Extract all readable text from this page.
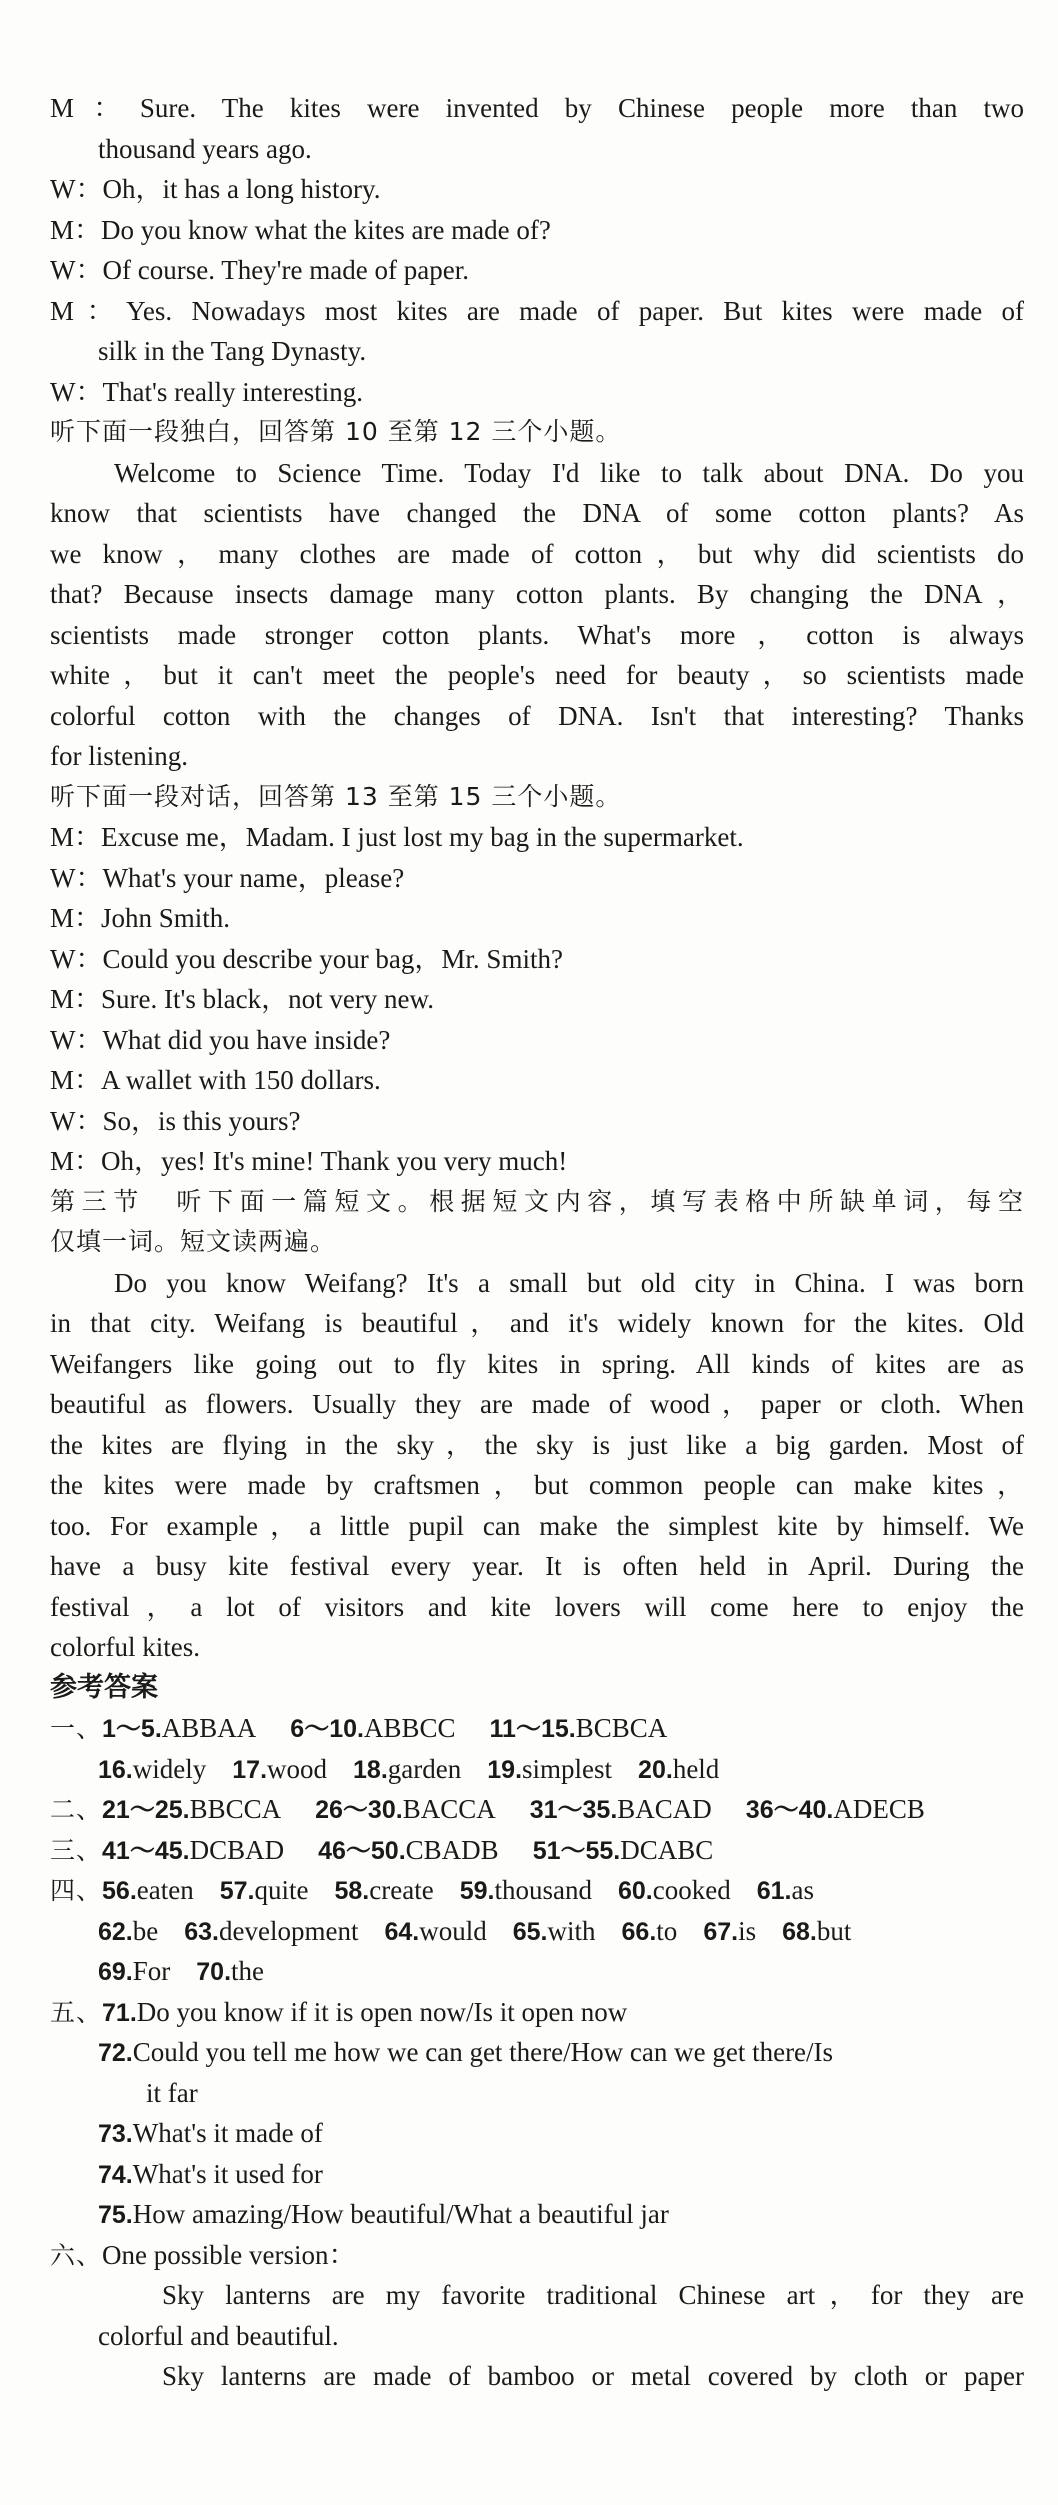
M：Sure. The kites were invented by Chinese people more than two
thousand years ago.
W：Oh，it has a long history.
M：Do you know what the kites are made of?
W：Of course. They're made of paper.
M：Yes. Nowadays most kites are made of paper. But kites were made of
silk in the Tang Dynasty.
W：That's really interesting.
听下面一段独白，回答第 10 至第 12 三个小题。
Welcome to Science Time. Today I'd like to talk about DNA. Do you
know that scientists have changed the DNA of some cotton plants? As
we know，many clothes are made of cotton，but why did scientists do
that? Because insects damage many cotton plants. By changing the DNA，
scientists made stronger cotton plants. What's more，cotton is always
white，but it can't meet the people's need for beauty，so scientists made
colorful cotton with the changes of DNA. Isn't that interesting? Thanks
for listening.
听下面一段对话，回答第 13 至第 15 三个小题。
M：Excuse me，Madam. I just lost my bag in the supermarket.
W：What's your name，please?
M：John Smith.
W：Could you describe your bag，Mr. Smith?
M：Sure. It's black，not very new.
W：What did you have inside?
M：A wallet with 150 dollars.
W：So，is this yours?
M：Oh，yes! It's mine! Thank you very much!
第三节　听下面一篇短文。根据短文内容，填写表格中所缺单词，每空
仅填一词。短文读两遍。
Do you know Weifang? It's a small but old city in China. I was born
in that city. Weifang is beautiful，and it's widely known for the kites. Old
Weifangers like going out to fly kites in spring. All kinds of kites are as
beautiful as flowers. Usually they are made of wood，paper or cloth. When
the kites are flying in the sky，the sky is just like a big garden. Most of
the kites were made by craftsmen，but common people can make kites，
too. For example，a little pupil can make the simplest kite by himself. We
have a busy kite festival every year. It is often held in April. During the
festival，a lot of visitors and kite lovers will come here to enjoy the
colorful kites.
参考答案
一、1～5.ABBAA 6～10.ABBCC 11～15.BCBCA
16.widely 17.wood 18.garden 19.simplest 20.held
二、21～25.BBCCA 26～30.BACCA 31～35.BACAD 36～40.ADECB
三、41～45.DCBAD 46～50.CBADB 51～55.DCABC
四、56.eaten 57.quite 58.create 59.thousand 60.cooked 61.as
62.be 63.development 64.would 65.with 66.to 67.is 68.but
69.For 70.the
五、71.Do you know if it is open now/Is it open now
72.Could you tell me how we can get there/How can we get there/Is
it far
73.What's it made of
74.What's it used for
75.How amazing/How beautiful/What a beautiful jar
六、One possible version：
Sky lanterns are my favorite traditional Chinese art，for they are
colorful and beautiful.
Sky lanterns are made of bamboo or metal covered by cloth or paper
